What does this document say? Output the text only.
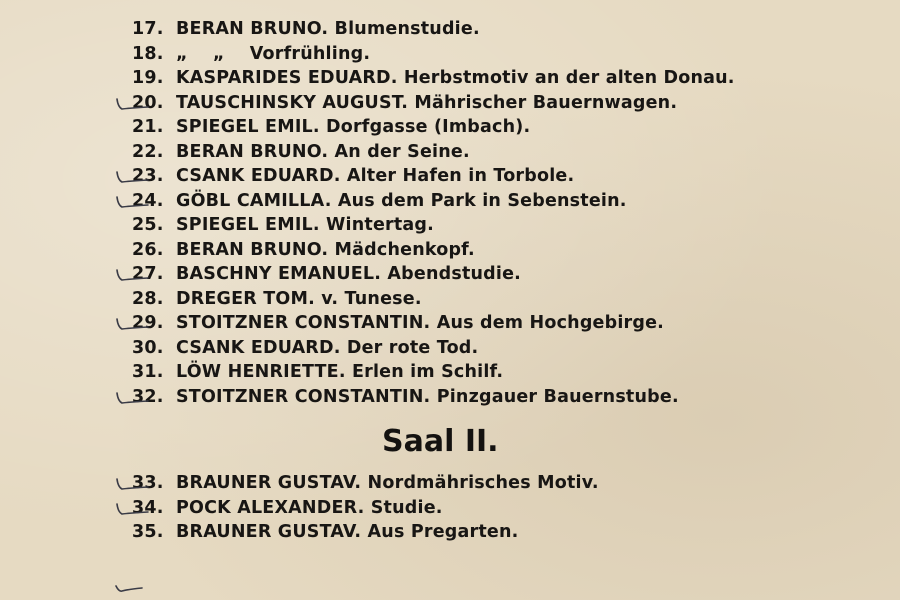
17. BERAN BRUNO. Blumenstudie.
18. „    „    Vorfrühling.
19. KASPARIDES EDUARD. Herbstmotiv an der alten Donau.
20. TAUSCHINSKY AUGUST. Mährischer Bauernwagen.
21. SPIEGEL EMIL. Dorfgasse (Imbach).
22. BERAN BRUNO. An der Seine.
23. CSANK EDUARD. Alter Hafen in Torbole.
24. GÖBL CAMILLA. Aus dem Park in Sebenstein.
25. SPIEGEL EMIL. Wintertag.
26. BERAN BRUNO. Mädchenkopf.
27. BASCHNY EMANUEL. Abendstudie.
28. DREGER TOM. v. Tunese.
29. STOITZNER CONSTANTIN. Aus dem Hochgebirge.
30. CSANK EDUARD. Der rote Tod.
31. LÖW HENRIETTE. Erlen im Schilf.
32. STOITZNER CONSTANTIN. Pinzgauer Bauernstube.
Saal II.
33. BRAUNER GUSTAV. Nordmährisches Motiv.
34. POCK ALEXANDER. Studie.
35. BRAUNER GUSTAV. Aus Pregarten.
